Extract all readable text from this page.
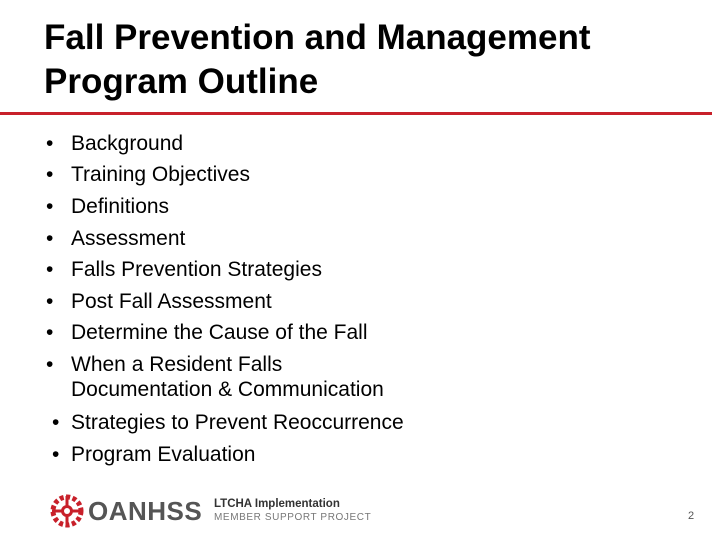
Fall Prevention and Management Program Outline
• Background
• Training Objectives
• Definitions
• Assessment
• Falls Prevention Strategies
• Post Fall Assessment
• Determine the Cause of the Fall
• When a Resident Falls
Documentation & Communication
• Strategies to Prevent Reoccurrence
• Program Evaluation
OANHSS LTCHA Implementation
MEMBER SUPPORT PROJECT	2
